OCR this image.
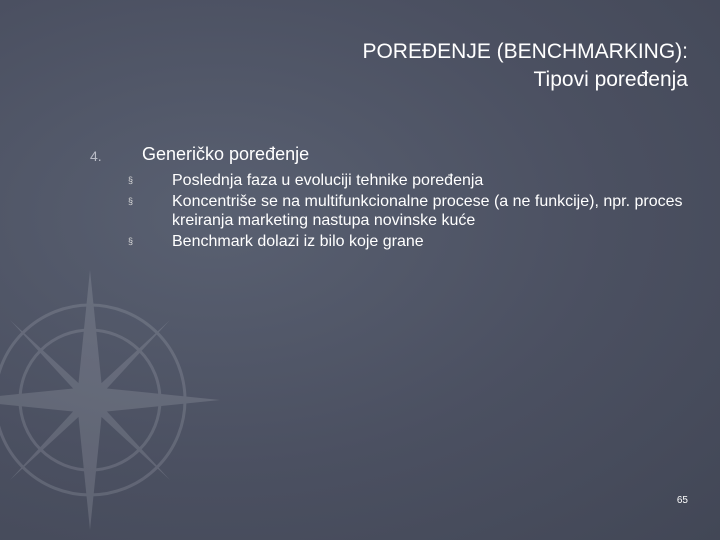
POREĐENJE (BENCHMARKING):
Tipovi poređenja
4. Generičko poređenje
§	Poslednja faza u evoluciji tehnike poređenja
§	Koncentriše se na multifunkcionalne procese (a ne funkcije), npr. proces kreiranja marketing nastupa novinske kuće
§	Benchmark dolazi iz bilo koje grane
65
